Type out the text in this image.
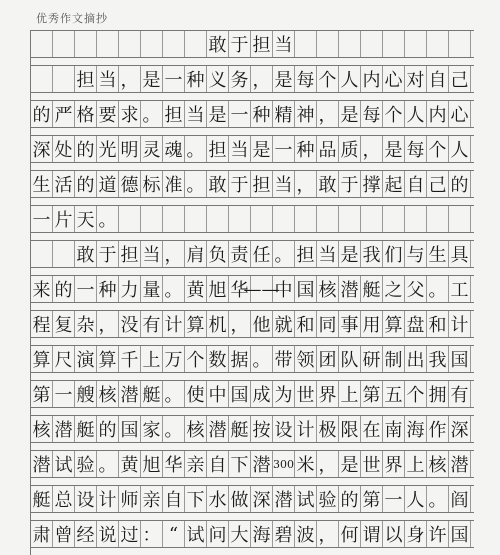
优秀作文摘抄
敢 于 担 当
担 当 ， 是 一 种 义 务 ， 是 每 个 人 内 心 对 自 己
的 严 格 要 求 。 担 当 是 一 种 精 神 ， 是 每 个 人 内 心
深 处 的 光 明 灵 魂 。 担 当 是 一 种 品 质 ， 是 每 个 人
生 活 的 道 德 标 准 。 敢 于 担 当 ， 敢 于 撑 起 自 己 的
一 片 天 。
敢 于 担 当 ， 肩 负 责 任 。 担 当 是 我 们 与 生 具
来 的 一 种 力 量 。 黄 旭 华
——
中 国 核 潜 艇 之 父 。 工
程 复 杂 ， 没 有 计 算 机 ， 他 就 和 同 事 用 算 盘 和 计
算 尺 演 算 千 上 万 个 数 据 。 带 领 团 队 研 制 出 我 国
第 一 艘 核 潜 艇 。 使 中 国 成 为 世 界 上 第 五 个 拥 有
核 潜 艇 的 国 家 。 核 潜 艇 按 设 计 极 限 在 南 海 作 深
潜 试 验 。 黄 旭 华 亲 自 下 潜 300 米 ， 是 世 界 上 核 潜
艇 总 设 计 师 亲 自 下 水 做 深 潜 试 验 的 第 一 人 。 阎
肃 曾 经 说 过 ： “ 试 问 大 海 碧 波 ， 何 谓 以 身 许 国
